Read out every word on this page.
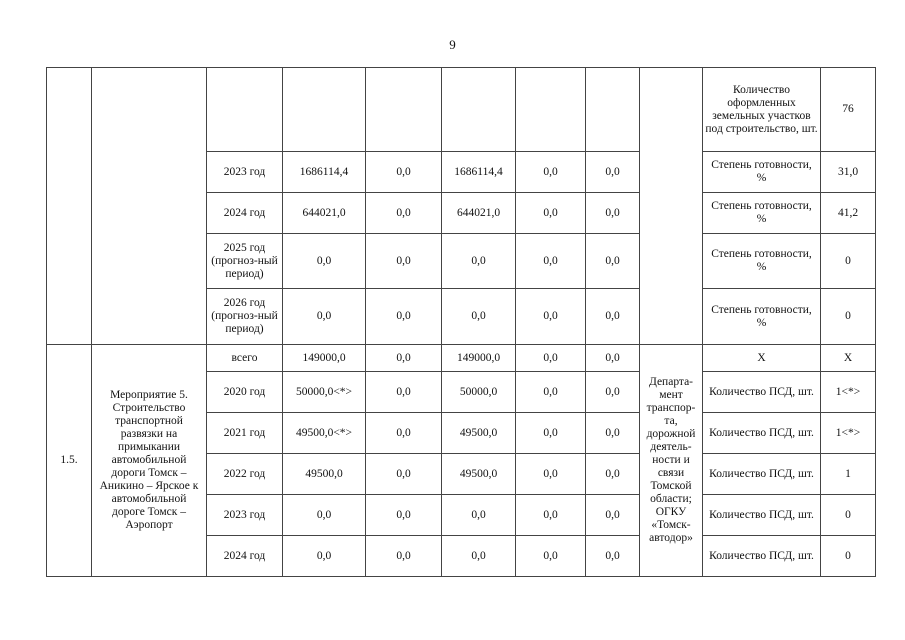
9
									Количество оформленных земельных участков под строительство, шт.	76
		2023 год	1686114,4	0,0	1686114,4	0,0	0,0		Степень готовности, %	31,0
		2024 год	644021,0	0,0	644021,0	0,0	0,0		Степень готовности, %	41,2
		2025 год (прогноз-ный период)	0,0	0,0	0,0	0,0	0,0		Степень готовности, %	0
		2026 год (прогноз-ный период)	0,0	0,0	0,0	0,0	0,0		Степень готовности, %	0
1.5.	Мероприятие 5. Строительство транспортной развязки на примыкании автомобильной дороги Томск – Аникино – Ярское к автомобильной дороге Томск – Аэропорт	всего	149000,0	0,0	149000,0	0,0	0,0	Департа-мент транспор-та, дорожной деятель-ности и связи Томской области; ОГКУ «Томск-автодор»	Х	Х
		2020 год	50000,0<*>	0,0	50000,0	0,0	0,0		Количество ПСД, шт.	1<*>
		2021 год	49500,0<*>	0,0	49500,0	0,0	0,0		Количество ПСД, шт.	1<*>
		2022 год	49500,0	0,0	49500,0	0,0	0,0		Количество ПСД, шт.	1
		2023 год	0,0	0,0	0,0	0,0	0,0		Количество ПСД, шт.	0
		2024 год	0,0	0,0	0,0	0,0	0,0		Количество ПСД, шт.	0
